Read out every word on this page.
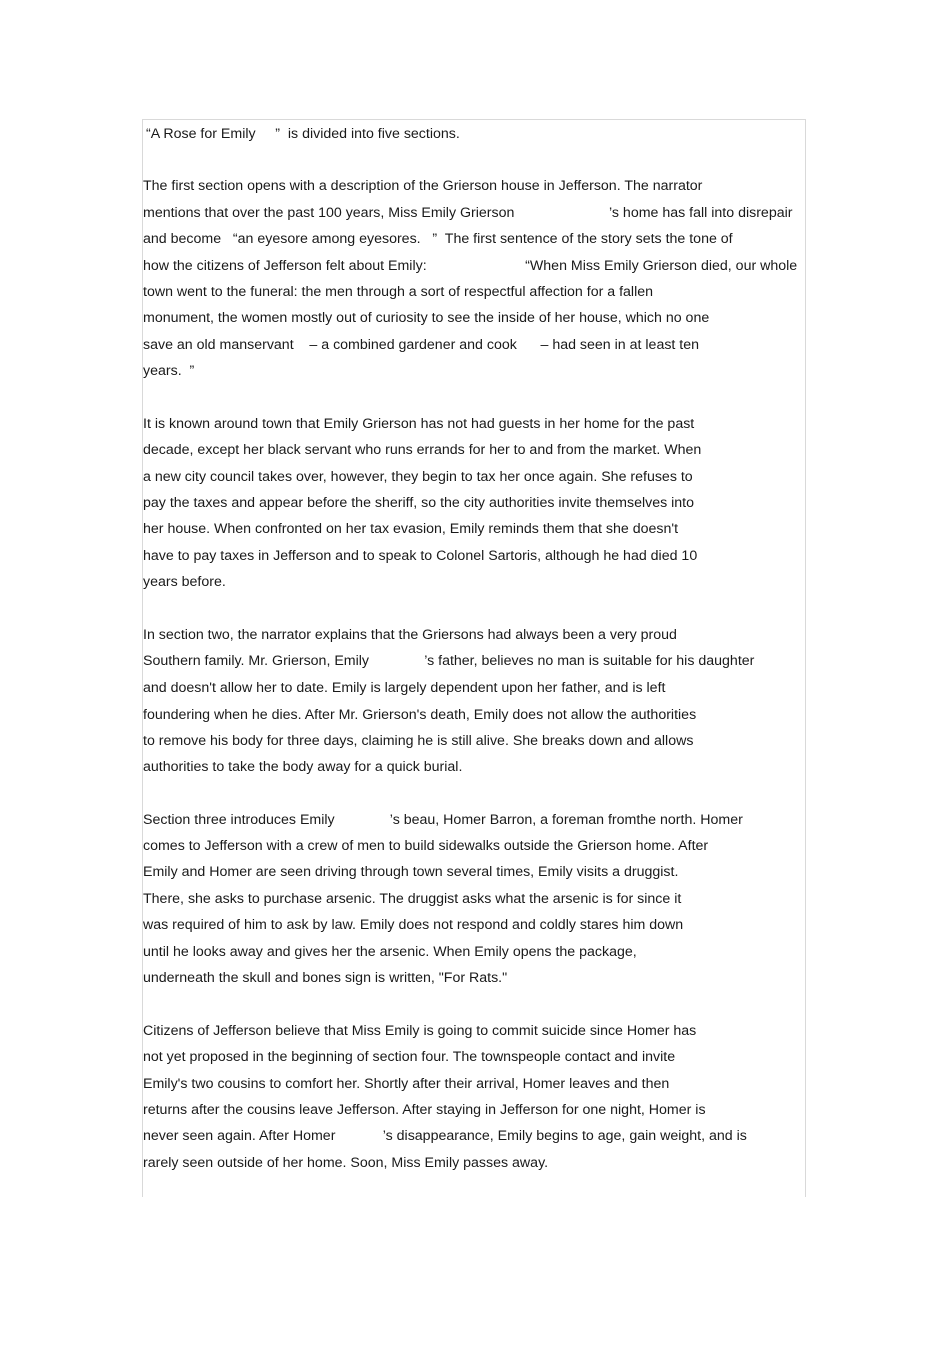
“A Rose for Emily     ”  is divided into five sections.
The first section opens with a description of the Grierson house in Jefferson. The narrator
mentions that over the past 100 years, Miss Emily Grierson                        ’s home has fall into disrepair
and become   “an eyesore among eyesores.   ”  The first sentence of the story sets the tone of
how the citizens of Jefferson felt about Emily:                         “When Miss Emily Grierson died, our whole
town went to the funeral: the men through a sort of respectful affection for a fallen
monument, the women mostly out of curiosity to see the inside of her house, which no one
save an old manservant    – a combined gardener and cook      – had seen in at least ten
years.  ”
It is known around town that Emily Grierson has not had guests in her home for the past
decade, except her black servant who runs errands for her to and from the market. When
a new city council takes over, however, they begin to tax her once again. She refuses to
pay the taxes and appear before the sheriff, so the city authorities invite themselves into
her house. When confronted on her tax evasion, Emily reminds them that she doesn't
have to pay taxes in Jefferson and to speak to Colonel Sartoris, although he had died 10
years before.
In section two, the narrator explains that the Griersons had always been a very proud
Southern family. Mr. Grierson, Emily              ’s father, believes no man is suitable for his daughter
and doesn't allow her to date. Emily is largely dependent upon her father, and is left
foundering when he dies. After Mr. Grierson's death, Emily does not allow the authorities
to remove his body for three days, claiming he is still alive. She breaks down and allows
authorities to take the body away for a quick burial.
Section three introduces Emily              ’s beau, Homer Barron, a foreman fromthe north. Homer
comes to Jefferson with a crew of men to build sidewalks outside the Grierson home. After
Emily and Homer are seen driving through town several times, Emily visits a druggist.
There, she asks to purchase arsenic. The druggist asks what the arsenic is for since it
was required of him to ask by law. Emily does not respond and coldly stares him down
until he looks away and gives her the arsenic. When Emily opens the package,
underneath the skull and bones sign is written, "For Rats."
Citizens of Jefferson believe that Miss Emily is going to commit suicide since Homer has
not yet proposed in the beginning of section four. The townspeople contact and invite
Emily's two cousins to comfort her. Shortly after their arrival, Homer leaves and then
returns after the cousins leave Jefferson. After staying in Jefferson for one night, Homer is
never seen again. After Homer            ’s disappearance, Emily begins to age, gain weight, and is
rarely seen outside of her home. Soon, Miss Emily passes away.
